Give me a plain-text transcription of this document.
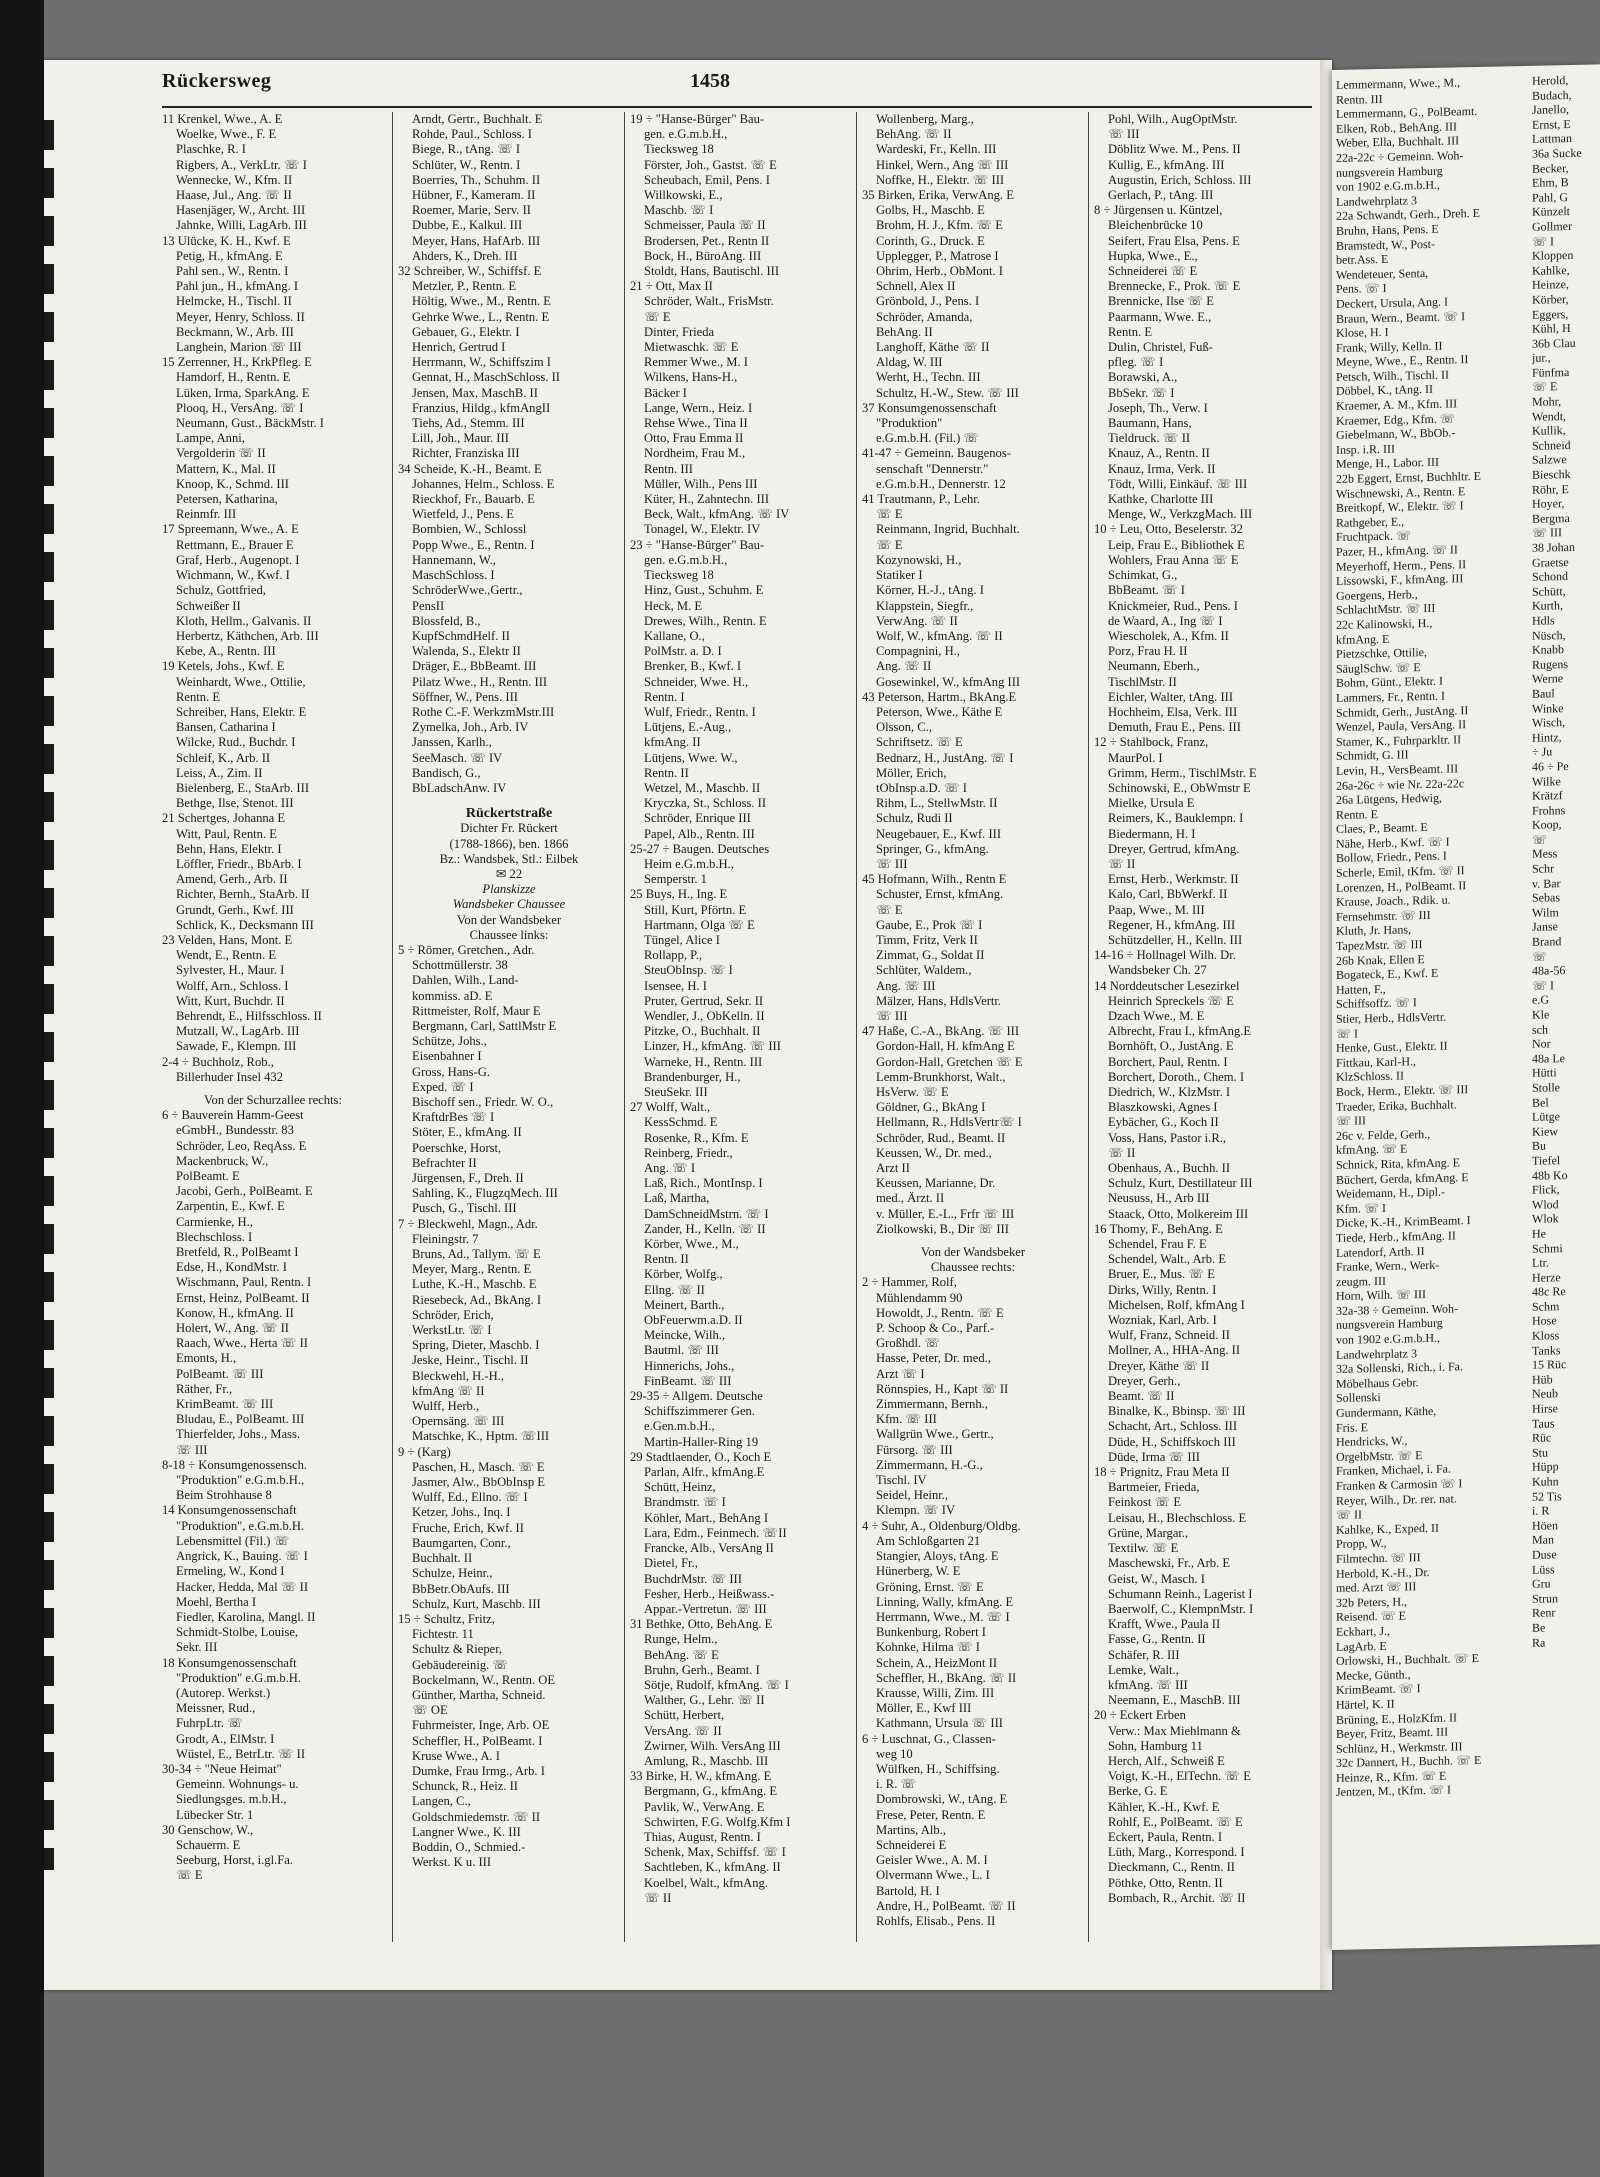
Rückersweg	1458

11 Krenkel, Wwe., A. E

Woelke, Wwe., F. E

Plaschke, R. I

Rigbers, A., VerkLtr. ☏ I

Wennecke, W., Kfm. II

Haase, Jul., Ang. ☏ II

Hasenjäger, W., Archt. III

Jahnke, Willi, LagArb. III

13 Ulücke, K. H., Kwf. E

Petig, H., kfmAng. E

Pahl sen., W., Rentn. I

Pahl jun., H., kfmAng. I

Helmcke, H., Tischl. II

Meyer, Henry, Schloss. II

Beckmann, W., Arb. III

Langhein, Marion ☏ III

15 Zerrenner, H., KrkPfleg. E

Hamdorf, H., Rentn. E

Lüken, Irma, SparkAng. E

Plooq, H., VersAng. ☏ I

Neumann, Gust., BäckMstr. I

Lampe, Anni,

Vergolderin ☏ II

Mattern, K., Mal. II

Knoop, K., Schmd. III

Petersen, Katharina,

Reinmfr. III

17 Spreemann, Wwe., A. E

Rettmann, E., Brauer E

Graf, Herb., Augenopt. I

Wichmann, W., Kwf. I

Schulz, Gottfried,

Schweißer II

Kloth, Hellm., Galvanis. II

Herbertz, Käthchen, Arb. III

Kebe, A., Rentn. III

19 Ketels, Johs., Kwf. E

Weinhardt, Wwe., Ottilie,

Rentn. E

Schreiber, Hans, Elektr. E

Bansen, Catharina I

Wilcke, Rud., Buchdr. I

Schleif, K., Arb. II

Leiss, A., Zim. II

Bielenberg, E., StaArb. III

Bethge, Ilse, Stenot. III

21 Schertges, Johanna E

Witt, Paul, Rentn. E

Behn, Hans, Elektr. I

Löffler, Friedr., BbArb. I

Amend, Gerh., Arb. II

Richter, Bernh., StaArb. II

Grundt, Gerh., Kwf. III

Schlick, K., Decksmann III

23 Velden, Hans, Mont. E

Wendt, E., Rentn. E

Sylvester, H., Maur. I

Wolff, Arn., Schloss. I

Witt, Kurt, Buchdr. II

Behrendt, E., Hilfsschloss. II

Mutzall, W., LagArb. III

Sawade, F., Klempn. III

2-4 ÷ Buchholz, Rob.,

Billerhuder Insel 432

Von der Schurzallee rechts:

6 ÷ Bauverein Hamm-Geest

eGmbH., Bundesstr. 83

Schröder, Leo, ReqAss. E

Mackenbruck, W.,

PolBeamt. E

Jacobi, Gerh., PolBeamt. E

Zarpentin, E., Kwf. E

Carmienke, H.,

Blechschloss. I

Bretfeld, R., PolBeamt I

Edse, H., KondMstr. I

Wischmann, Paul, Rentn. I

Ernst, Heinz, PolBeamt. II

Konow, H., kfmAng. II

Holert, W., Ang. ☏ II

Raach, Wwe., Herta ☏ II

Emonts, H.,

PolBeamt. ☏ III

Räther, Fr.,

KrimBeamt. ☏ III

Bludau, E., PolBeamt. III

Thierfelder, Johs., Mass.

☏ III

8-18 ÷ Konsumgenossensch.

"Produktion" e.G.m.b.H.,

Beim Strohhause 8

14 Konsumgenossenschaft

"Produktion", e.G.m.b.H.

Lebensmittel (Fil.) ☏

Angrick, K., Bauing. ☏ I

Ermeling, W., Kond I

Hacker, Hedda, Mal ☏ II

Moehl, Bertha I

Fiedler, Karolina, Mangl. II

Schmidt-Stolbe, Louise,

Sekr. III

18 Konsumgenossenschaft

"Produktion" e.G.m.b.H.

(Autorep. Werkst.)

Meissner, Rud.,

FuhrpLtr. ☏

Grodt, A., ElMstr. I

Wüstel, E., BetrLtr. ☏ II

30-34 ÷ "Neue Heimat"

Gemeinn. Wohnungs- u.

Siedlungsges. m.b.H.,

Lübecker Str. 1

30 Genschow, W.,

Schauerm. E

Seeburg, Horst, i.gl.Fa.

☏ E

Arndt, Gertr., Buchhalt. E

Rohde, Paul., Schloss. I

Biege, R., tAng. ☏ I

Schlüter, W., Rentn. I

Boerries, Th., Schuhm. II

Hübner, F., Kameram. II

Roemer, Marie, Serv. II

Dubbe, E., Kalkul. III

Meyer, Hans, HafArb. III

Ahders, K., Dreh. III

32 Schreiber, W., Schiffsf. E

Metzler, P., Rentn. E

Höltig, Wwe., M., Rentn. E

Gehrke Wwe., L., Rentn. E

Gebauer, G., Elektr. I

Henrich, Gertrud I

Herrmann, W., Schiffszim I

Gennat, H., MaschSchloss. II

Jensen, Max, MaschB. II

Franzius, Hildg., kfmAngII

Tiehs, Ad., Stemm. III

Lill, Joh., Maur. III

Richter, Franziska III

34 Scheide, K.-H., Beamt. E

Johannes, Helm., Schloss. E

Rieckhof, Fr., Bauarb. E

Wietfeld, J., Pens. E

Bombien, W., Schlossl

Popp Wwe., E., Rentn. I

Hannemann, W.,

MaschSchloss. I

SchröderWwe.,Gertr.,

PensII

Blossfeld, B.,

KupfSchmdHelf. II

Walenda, S., Elektr II

Dräger, E., BbBeamt. III

Pilatz Wwe., H., Rentn. III

Söffner, W., Pens. III

Rothe C.-F. WerkzmMstr.III

Zymelka, Joh., Arb. IV

Janssen, Karlh.,

SeeMasch. ☏ IV

Bandisch, G.,

BbLadschAnw. IV

Rückertstraße

Dichter Fr. Rückert

(1788-1866), ben. 1866

Bz.: Wandsbek, Stl.: Eilbek

✉ 22

Planskizze

Wandsbeker Chaussee

Von der Wandsbeker

Chaussee links:

5 ÷ Römer, Gretchen., Adr.

Schottmüllerstr. 38

Dahlen, Wilh., Land-

kommiss. aD. E

Rittmeister, Rolf, Maur E

Bergmann, Carl, SattlMstr E

Schütze, Johs.,

Eisenbahner I

Gross, Hans-G.

Exped. ☏ I

Bischoff sen., Friedr. W. O.,

KraftdrBes ☏ I

Stöter, E., kfmAng. II

Poerschke, Horst,

Befrachter II

Jürgensen, F., Dreh. II

Sahling, K., FlugzqMech. III

Pusch, G., Tischl. III

7 ÷ Bleckwehl, Magn., Adr.

Fleiningstr. 7

Bruns, Ad., Tallym. ☏ E

Meyer, Marg., Rentn. E

Luthe, K.-H., Maschb. E

Riesebeck, Ad., BkAng. I

Schröder, Erich,

WerkstLtr. ☏ I

Spring, Dieter, Maschb. I

Jeske, Heinr., Tischl. II

Bleckwehl, H.-H.,

kfmAng ☏ II

Wulff, Herb.,

Opernsäng. ☏ III

Matschke, K., Hptm. ☏III

9 ÷ (Karg)

Paschen, H., Masch. ☏ E

Jasmer, Alw., BbObInsp E

Wulff, Ed., Ellno. ☏ I

Ketzer, Johs., Inq. I

Fruche, Erich, Kwf. II

Baumgarten, Conr.,

Buchhalt. II

Schulze, Heinr.,

BbBetr.ObAufs. III

Schulz, Kurt, Maschb. III

15 ÷ Schultz, Fritz,

Fichtestr. 11

Schultz & Rieper,

Gebäudereinig. ☏

Bockelmann, W., Rentn. OE

Günther, Martha, Schneid.

☏ OE

Fuhrmeister, Inge, Arb. OE

Scheffler, H., PolBeamt. I

Kruse Wwe., A. I

Dumke, Frau Irmg., Arb. I

Schunck, R., Heiz. II

Langen, C.,

Goldschmiedemstr. ☏ II

Langner Wwe., K. III

Boddin, O., Schmied.-

Werkst. K u. III

19 ÷ "Hanse-Bürger" Bau-

gen. e.G.m.b.H.,

Tiecksweg 18

Förster, Joh., Gastst. ☏ E

Scheubach, Emil, Pens. I

Willkowski, E.,

Maschb. ☏ I

Schmeisser, Paula ☏ II

Brodersen, Pet., Rentn II

Bock, H., BüroAng. III

Stoldt, Hans, Bautischl. III

21 ÷ Ott, Max II

Schröder, Walt., FrisMstr.

☏ E

Dinter, Frieda

Mietwaschk. ☏ E

Remmer Wwe., M. I

Wilkens, Hans-H.,

Bäcker I

Lange, Wern., Heiz. I

Rehse Wwe., Tina II

Otto, Frau Emma II

Nordheim, Frau M.,

Rentn. III

Müller, Wilh., Pens III

Küter, H., Zahntechn. III

Beck, Walt., kfmAng. ☏ IV

Tonagel, W., Elektr. IV

23 ÷ "Hanse-Bürger" Bau-

gen. e.G.m.b.H.,

Tiecksweg 18

Hinz, Gust., Schuhm. E

Heck, M. E

Drewes, Wilh., Rentn. E

Kallane, O.,

PolMstr. a. D. I

Brenker, B., Kwf. I

Schneider, Wwe. H.,

Rentn. I

Wulf, Friedr., Rentn. I

Lütjens, E.-Aug.,

kfmAng. II

Lütjens, Wwe. W.,

Rentn. II

Wetzel, M., Maschb. II

Kryczka, St., Schloss. II

Schröder, Enrique III

Papel, Alb., Rentn. III

25-27 ÷ Baugen. Deutsches

Heim e.G.m.b.H.,

Semperstr. 1

25 Buys, H., Ing. E

Still, Kurt, Pförtn. E

Hartmann, Olga ☏ E

Tüngel, Alice I

Rollapp, P.,

SteuObInsp. ☏ I

Isensee, H. I

Pruter, Gertrud, Sekr. II

Wendler, J., ObKelln. II

Pitzke, O., Buchhalt. II

Linzer, H., kfmAng. ☏ III

Warneke, H., Rentn. III

Brandenburger, H.,

SteuSekr. III

27 Wolff, Walt.,

KessSchmd. E

Rosenke, R., Kfm. E

Reinberg, Friedr.,

Ang. ☏ I

Laß, Rich., MontInsp. I

Laß, Martha,

DamSchneidMstrn. ☏ I

Zander, H., Kelln. ☏ II

Körber, Wwe., M.,

Rentn. II

Körber, Wolfg.,

Ellng. ☏ II

Meinert, Barth.,

ObFeuerwm.a.D. II

Meincke, Wilh.,

Bautml. ☏ III

Hinnerichs, Johs.,

FinBeamt. ☏ III

29-35 ÷ Allgem. Deutsche

Schiffszimmerer Gen.

e.Gen.m.b.H.,

Martin-Haller-Ring 19

29 Stadtlaender, O., Koch E

Parlan, Alfr., kfmAng.E

Schütt, Heinz,

Brandmstr. ☏ I

Köhler, Mart., BehAng I

Lara, Edm., Feinmech. ☏II

Francke, Alb., VersAng II

Dietel, Fr.,

BuchdrMstr. ☏ III

Fesher, Herb., Heißwass.-

Appar.-Vertretun. ☏ III

31 Bethke, Otto, BehAng. E

Runge, Helm.,

BehAng. ☏ E

Bruhn, Gerh., Beamt. I

Sötje, Rudolf, kfmAng. ☏ I

Walther, G., Lehr. ☏ II

Schütt, Herbert,

VersAng. ☏ II

Zwirner, Wilh. VersAng III

Amlung, R., Maschb. III

33 Birke, H. W., kfmAng. E

Bergmann, G., kfmAng. E

Pavlik, W., VerwAng. E

Schwirten, F.G. Wolfg.Kfm I

Thias, August, Rentn. I

Schenk, Max, Schiffsf. ☏ I

Sachtleben, K., kfmAng. II

Koelbel, Walt., kfmAng.

☏ II

Wollenberg, Marg.,

BehAng. ☏ II

Wardeski, Fr., Kelln. III

Hinkel, Wern., Ang ☏ III

Noffke, H., Elektr. ☏ III

35 Birken, Erika, VerwAng. E

Golbs, H., Maschb. E

Brohm, H. J., Kfm. ☏ E

Corinth, G., Druck. E

Upplegger, P., Matrose I

Ohrim, Herb., ObMont. I

Schnell, Alex II

Grönbold, J., Pens. I

Schröder, Amanda,

BehAng. II

Langhoff, Käthe ☏ II

Aldag, W. III

Werht, H., Techn. III

Schultz, H.-W., Stew. ☏ III

37 Konsumgenossenschaft

"Produktion"

e.G.m.b.H. (Fil.) ☏

41-47 ÷ Gemeinn. Baugenos-

senschaft "Dennerstr."

e.G.m.b.H., Dennerstr. 12

41 Trautmann, P., Lehr.

☏ E

Reinmann, Ingrid, Buchhalt.

☏ E

Kozynowski, H.,

Statiker I

Körner, H.-J., tAng. I

Klappstein, Siegfr.,

VerwAng. ☏ II

Wolf, W., kfmAng. ☏ II

Compagnini, H.,

Ang. ☏ II

Gosewinkel, W., kfmAng III

43 Peterson, Hartm., BkAng.E

Peterson, Wwe., Käthe E

Olsson, C.,

Schriftsetz. ☏ E

Bednarz, H., JustAng. ☏ I

Möller, Erich,

tObInsp.a.D. ☏ I

Rihm, L., StellwMstr. II

Schulz, Rudi II

Neugebauer, E., Kwf. III

Springer, G., kfmAng.

☏ III

45 Hofmann, Wilh., Rentn E

Schuster, Ernst, kfmAng.

☏ E

Gaube, E., Prok ☏ I

Timm, Fritz, Verk II

Zimmat, G., Soldat II

Schlüter, Waldem.,

Ang. ☏ III

Mälzer, Hans, HdlsVertr.

☏ III

47 Haße, C.-A., BkAng. ☏ III

Gordon-Hall, H. kfmAng E

Gordon-Hall, Gretchen ☏ E

Lemm-Brunkhorst, Walt.,

HsVerw. ☏ E

Göldner, G., BkAng I

Hellmann, R., HdlsVertr☏ I

Schröder, Rud., Beamt. II

Keussen, W., Dr. med.,

Arzt II

Keussen, Marianne, Dr.

med., Ärzt. II

v. Müller, E.-L., Frfr ☏ III

Ziolkowski, B., Dir ☏ III

Von der Wandsbeker

Chaussee rechts:

2 ÷ Hammer, Rolf,

Mühlendamm 90

Howoldt, J., Rentn. ☏ E

P. Schoop & Co., Parf.-

Großhdl. ☏

Hasse, Peter, Dr. med.,

Arzt ☏ I

Rönnspies, H., Kapt ☏ II

Zimmermann, Bernh.,

Kfm. ☏ III

Wallgrün Wwe., Gertr.,

Fürsorg. ☏ III

Zimmermann, H.-G.,

Tischl. IV

Seidel, Heinr.,

Klempn. ☏ IV

4 ÷ Suhr, A., Oldenburg/Oldbg.

Am Schloßgarten 21

Stangier, Aloys, tAng. E

Hünerberg, W. E

Gröning, Ernst. ☏ E

Linning, Wally, kfmAng. E

Herrmann, Wwe., M. ☏ I

Bunkenburg, Robert I

Kohnke, Hilma ☏ I

Schein, A., HeizMont II

Scheffler, H., BkAng. ☏ II

Krausse, Willi, Zim. III

Möller, E., Kwf III

Kathmann, Ursula ☏ III

6 ÷ Luschnat, G., Classen-

weg 10

Wülfken, H., Schiffsing.

i. R. ☏

Dombrowski, W., tAng. E

Frese, Peter, Rentn. E

Martins, Alb.,

Schneiderei E

Geisler Wwe., A. M. I

Olvermann Wwe., L. I

Bartold, H. I

Andre, H., PolBeamt. ☏ II

Rohlfs, Elisab., Pens. II

Pohl, Wilh., AugOptMstr.

☏ III

Döblitz Wwe. M., Pens. II

Kullig, E., kfmAng. III

Augustin, Erich, Schloss. III

Gerlach, P., tAng. III

8 ÷ Jürgensen u. Küntzel,

Bleichenbrücke 10

Seifert, Frau Elsa, Pens. E

Hupka, Wwe., E.,

Schneiderei ☏ E

Brennecke, F., Prok. ☏ E

Brennicke, Ilse ☏ E

Paarmann, Wwe. E.,

Rentn. E

Dulin, Christel, Fuß-

pfleg. ☏ I

Borawski, A.,

BbSekr. ☏ I

Joseph, Th., Verw. I

Baumann, Hans,

Tieldruck. ☏ II

Knauz, A., Rentn. II

Knauz, Irma, Verk. II

Tödt, Willi, Einkäuf. ☏ III

Kathke, Charlotte III

Menge, W., VerkzgMach. III

10 ÷ Leu, Otto, Beselerstr. 32

Leip, Frau E., Bibliothek E

Wohlers, Frau Anna ☏ E

Schimkat, G.,

BbBeamt. ☏ I

Knickmeier, Rud., Pens. I

de Waard, A., Ing ☏ I

Wiescholek, A., Kfm. II

Porz, Frau H. II

Neumann, Eberh.,

TischlMstr. II

Eichler, Walter, tAng. III

Hochheim, Elsa, Verk. III

Demuth, Frau E., Pens. III

12 ÷ Stahlbock, Franz,

MaurPol. I

Grimm, Herm., TischlMstr. E

Schinowski, E., ObWmstr E

Mielke, Ursula E

Reimers, K., Bauklempn. I

Biedermann, H. I

Dreyer, Gertrud, kfmAng.

☏ II

Ernst, Herb., Werkmstr. II

Kalo, Carl, BbWerkf. II

Paap, Wwe., M. III

Regener, H., kfmAng. III

Schützdeller, H., Kelln. III

14-16 ÷ Hollnagel Wilh. Dr.

Wandsbeker Ch. 27

14 Norddeutscher Lesezirkel

Heinrich Spreckels ☏ E

Dzach Wwe., M. E

Albrecht, Frau I., kfmAng.E

Bornhöft, O., JustAng. E

Borchert, Paul, Rentn. I

Borchert, Doroth., Chem. I

Diedrich, W., KlzMstr. I

Blaszkowski, Agnes I

Eybächer, G., Koch II

Voss, Hans, Pastor i.R.,

☏ II

Obenhaus, A., Buchh. II

Schulz, Kurt, Destillateur III

Neususs, H., Arb III

Staack, Otto, Molkereim III

16 Thomy, F., BehAng. E

Schendel, Frau F. E

Schendel, Walt., Arb. E

Bruer, E., Mus. ☏ E

Dirks, Willy, Rentn. I

Michelsen, Rolf, kfmAng I

Wozniak, Karl, Arb. I

Wulf, Franz, Schneid. II

Mollner, A., HHA-Ang. II

Dreyer, Käthe ☏ II

Dreyer, Gerh.,

Beamt. ☏ II

Binalke, K., Bbinsp. ☏ III

Schacht, Art., Schloss. III

Düde, H., Schiffskoch III

Düde, Irma ☏ III

18 ÷ Prignitz, Frau Meta II

Bartmeier, Frieda,

Feinkost ☏ E

Leisau, H., Blechschloss. E

Grüne, Margar.,

Textilw. ☏ E

Maschewski, Fr., Arb. E

Geist, W., Masch. I

Schumann Reinh., Lagerist I

Baerwolf, C., KlempnMstr. I

Krafft, Wwe., Paula II

Fasse, G., Rentn. II

Schäfer, R. III

Lemke, Walt.,

kfmAng. ☏ III

Neemann, E., MaschB. III

20 ÷ Eckert Erben

Verw.: Max Miehlmann &

Sohn, Hamburg 11

Herch, Alf., Schweiß E

Voigt, K.-H., ElTechn. ☏ E

Berke, G. E

Kähler, K.-H., Kwf. E

Rohlf, E., PolBeamt. ☏ E

Eckert, Paula, Rentn. I

Lüth, Marg., Korrespond. I

Dieckmann, C., Rentn. II

Pöthke, Otto, Rentn. II

Bombach, R., Archit. ☏ II

Lemmermann, Wwe., M.,

Rentn. III

Lemmermann, G., PolBeamt.

Elken, Rob., BehAng. III

Weber, Ella, Buchhalt. III

22a-22c ÷ Gemeinn. Woh-

nungsverein Hamburg

von 1902 e.G.m.b.H.,

Landwehrplatz 3

22a Schwandt, Gerh., Dreh. E

Bruhn, Hans, Pens. E

Bramstedt, W., Post-

betr.Ass. E

Wendeteuer, Senta,

Pens. ☏ I

Deckert, Ursula, Ang. I

Braun, Wern., Beamt. ☏ I

Klose, H. I

Frank, Willy, Kelln. II

Meyne, Wwe., E., Rentn. II

Petsch, Wilh., Tischl. II

Döbbel, K., tAng. II

Kraemer, A. M., Kfm. III

Kraemer, Edg., Kfm. ☏

Giebelmann, W., BbOb.-

Insp. i.R. III

Menge, H., Labor. III

22b Eggert, Ernst, Buchhltr. E

Wischnewski, A., Rentn. E

Breitkopf, W., Elektr. ☏ I

Rathgeber, E.,

Fruchtpack. ☏

Pazer, H., kfmAng. ☏ II

Meyerhoff, Herm., Pens. II

Lissowski, F., kfmAng. III

Goergens, Herb.,

SchlachtMstr. ☏ III

22c Kalinowski, H.,

kfmAng. E

Pietzschke, Ottilie,

SäuglSchw. ☏ E

Bohm, Günt., Elektr. I

Lammers, Fr., Rentn. I

Schmidt, Gerh., JustAng. II

Wenzel, Paula, VersAng. II

Stamer, K., Fuhrparkltr. II

Schmidt, G. III

Levin, H., VersBeamt. III

26a-26c ÷ wie Nr. 22a-22c

26a Lütgens, Hedwig,

Rentn. E

Claes, P., Beamt. E

Nähe, Herb., Kwf. ☏ I

Bollow, Friedr., Pens. I

Scherle, Emil, tKfm. ☏ II

Lorenzen, H., PolBeamt. II

Krause, Joach., Rdik. u.

Fernsehmstr. ☏ III

Kluth, Jr. Hans,

TapezMstr. ☏ III

26b Knak, Ellen E

Bogateck, E., Kwf. E

Hatten, F.,

Schiffsoffz. ☏ I

Stier, Herb., HdlsVertr.

☏ I

Henke, Gust., Elektr. II

Fittkau, Karl-H.,

KlzSchloss. II

Bock, Herm., Elektr. ☏ III

Traeder, Erika, Buchhalt.

☏ III

26c v. Felde, Gerh.,

kfmAng. ☏ E

Schnick, Rita, kfmAng. E

Büchert, Gerda, kfmAng. E

Weidemann, H., Dipl.-

Kfm. ☏ I

Dicke, K.-H., KrimBeamt. I

Tiede, Herb., kfmAng. II

Latendorf, Arth. II

Franke, Wern., Werk-

zeugm. III

Horn, Wilh. ☏ III

32a-38 ÷ Gemeinn. Woh-

nungsverein Hamburg

von 1902 e.G.m.b.H.,

Landwehrplatz 3

32a Sollenski, Rich., i. Fa.

Möbelhaus Gebr.

Sollenski

Gundermann, Käthe,

Fris. E

Hendricks, W.,

OrgelbMstr. ☏ E

Franken, Michael, i. Fa.

Franken & Carmosin ☏ I

Reyer, Wilh., Dr. rer. nat.

☏ II

Kahlke, K., Exped. II

Propp, W.,

Filmtechn. ☏ III

Herbold, K.-H., Dr.

med. Arzt ☏ III

32b Peters, H.,

Reisend. ☏ E

Eckhart, J.,

LagArb. E

Orlowski, H., Buchhalt. ☏ E

Mecke, Günth.,

KrimBeamt. ☏ I

Härtel, K. II

Brüning, E., HolzKfm. II

Beyer, Fritz, Beamt. III

Schlünz, H., Werkmstr. III

32c Dannert, H., Buchh. ☏ E

Heinze, R., Kfm. ☏ E

Jentzen, M., tKfm. ☏ I

Herold,

Budach,

Janello,

Ernst, E

Lattman

36a Sucke

Becker,

Ehm, B

Pahl, G

Künzelt

Gollmer

☏ I

Kloppen

Kahlke,

Heinze,

Körber,

Eggers,

Kühl, H

36b Clau

jur.,

Fünfma

☏ E

Mohr,

Wendt,

Kullik,

Schneid

Salzwe

Bieschk

Röhr, E

Hoyer,

Bergma

☏ III

38 Johan

Graetse

Schond

Schütt,

Kurth,

Hdls

Nüsch,

Knabb

Rugens

Werne

Baul

Winke

Wisch,

Hintz,

÷ Ju

46 ÷ Pe

Wilke

Krätzf

Frohns

Koop,

☏

Mess

Schr

v. Bar

Sebas

Wilm

Janse

Brand

☏

48a-56

☏ I

e.G

Kle

sch

Nor

48a Le

Hütti

Stolle

Bel

Lütge

Kiew

Bu

Tiefel

48b Ko

Flick,

Wlod

Wlok

He

Schmi

Ltr.

Herze

48c Re

Schm

Hose

Kloss

Tanks

15 Rüc

Hüb

Neub

Hirse

Taus

Rüc

Stu

Hüpp

Kuhn

52 Tis

i. R

Höen

Man

Duse

Lüss

Gru

Strun

Renr

Be

Ra
